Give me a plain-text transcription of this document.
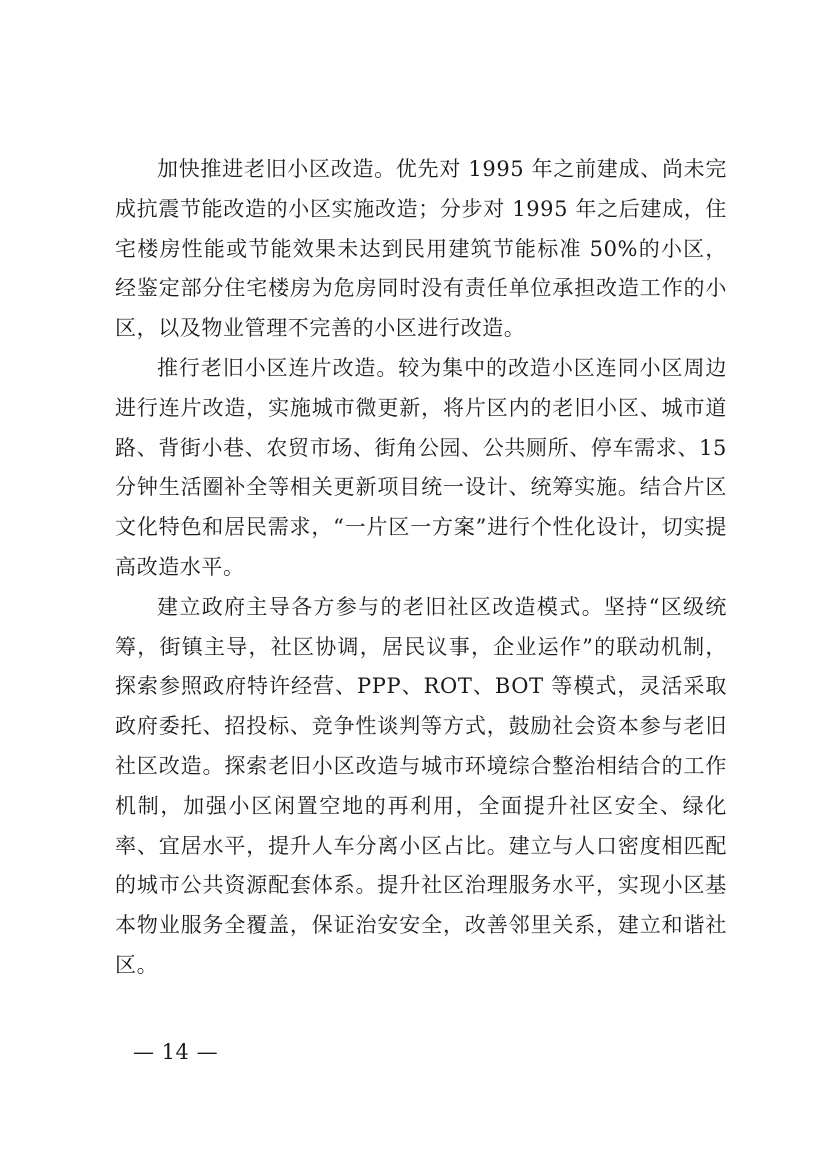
加快推进老旧小区改造。优先对 1995 年之前建成、尚未完成抗震节能改造的小区实施改造；分步对 1995 年之后建成，住宅楼房性能或节能效果未达到民用建筑节能标准 50%的小区，经鉴定部分住宅楼房为危房同时没有责任单位承担改造工作的小区，以及物业管理不完善的小区进行改造。

推行老旧小区连片改造。较为集中的改造小区连同小区周边进行连片改造，实施城市微更新，将片区内的老旧小区、城市道路、背街小巷、农贸市场、街角公园、公共厕所、停车需求、15 分钟生活圈补全等相关更新项目统一设计、统筹实施。结合片区文化特色和居民需求，“一片区一方案”进行个性化设计，切实提高改造水平。

建立政府主导各方参与的老旧社区改造模式。坚持“区级统筹，街镇主导，社区协调，居民议事，企业运作”的联动机制，探索参照政府特许经营、PPP、ROT、BOT 等模式，灵活采取政府委托、招投标、竞争性谈判等方式，鼓励社会资本参与老旧社区改造。探索老旧小区改造与城市环境综合整治相结合的工作机制，加强小区闲置空地的再利用，全面提升社区安全、绿化率、宜居水平，提升人车分离小区占比。建立与人口密度相匹配的城市公共资源配套体系。提升社区治理服务水平，实现小区基本物业服务全覆盖，保证治安安全，改善邻里关系，建立和谐社区。

— 14 —
